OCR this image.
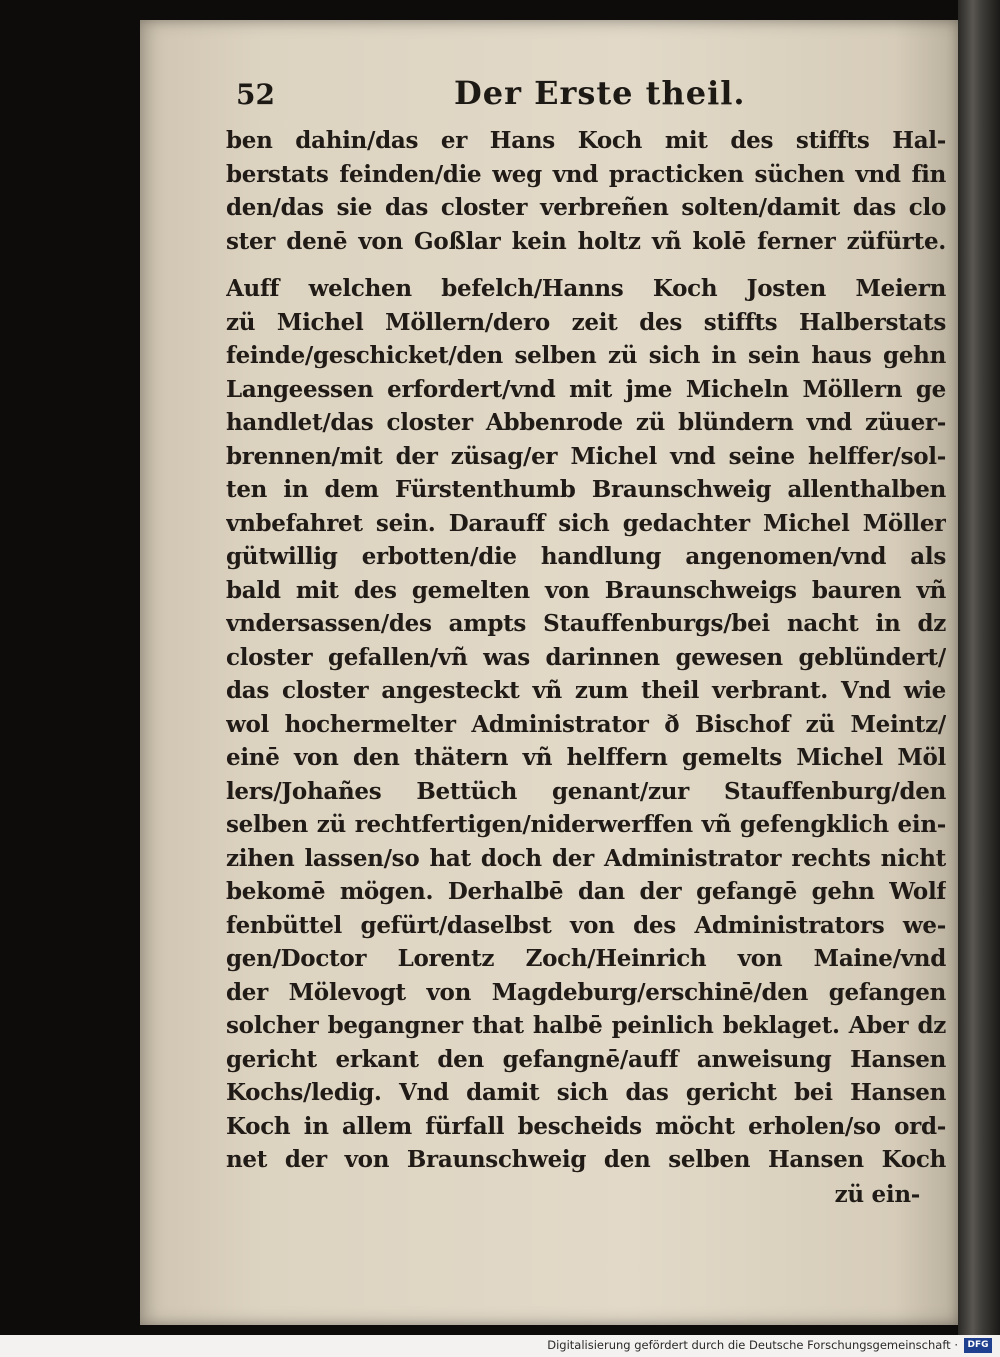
52	Der Erste theil.
ben dahin/das er Hans Koch mit des stiffts Hal-
berstats feinden/die weg vnd practicken süchen vnd fin
den/das sie das closter verbreñen solten/damit das clo
ster denē von Goßlar kein holtz vñ kolē ferner züfürte.
Auff welchen befelch/Hanns Koch Josten Meiern
zü Michel Möllern/dero zeit des stiffts Halberstats
feinde/geschicket/den selben zü sich in sein haus gehn
Langeessen erfordert/vnd mit jme Micheln Möllern ge
handlet/das closter Abbenrode zü blündern vnd züuer-
brennen/mit der züsag/er Michel vnd seine helffer/sol-
ten in dem Fürstenthumb Braunschweig allenthalben
vnbefahret sein. Darauff sich gedachter Michel Möller
gütwillig erbotten/die handlung angenomen/vnd als
bald mit des gemelten von Braunschweigs bauren vñ
vndersassen/des ampts Stauffenburgs/bei nacht in dz
closter gefallen/vñ was darinnen gewesen geblündert/
das closter angesteckt vñ zum theil verbrant. Vnd wie
wol hochermelter Administrator ð Bischof zü Meintz/
einē von den thätern vñ helffern gemelts Michel Möl
lers/Johañes Bettüch genant/zur Stauffenburg/den
selben zü rechtfertigen/niderwerffen vñ gefengklich ein-
zihen lassen/so hat doch der Administrator rechts nicht
bekomē mögen. Derhalbē dan der gefangē gehn Wolf
fenbüttel gefürt/daselbst von des Administrators we-
gen/Doctor Lorentz Zoch/Heinrich von Maine/vnd
der Mölevogt von Magdeburg/erschinē/den gefangen
solcher begangner that halbē peinlich beklaget. Aber dz
gericht erkant den gefangnē/auff anweisung Hansen
Kochs/ledig. Vnd damit sich das gericht bei Hansen
Koch in allem fürfall bescheids möcht erholen/so ord-
net der von Braunschweig den selben Hansen Koch
zü ein-
Digitalisierung gefördert durch die Deutsche Forschungsgemeinschaft ·	DFG
